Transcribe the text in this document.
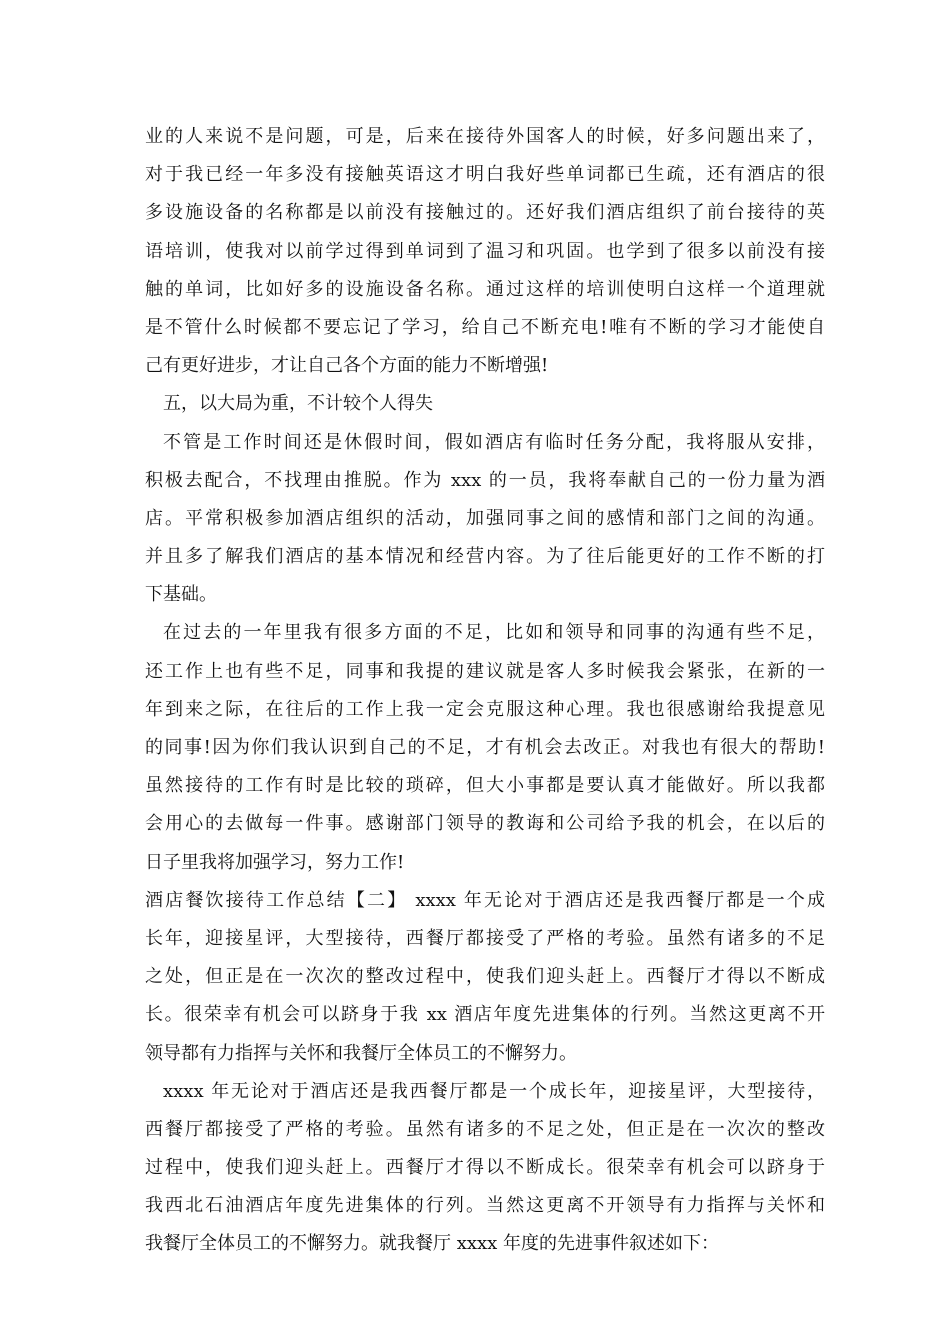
业的人来说不是问题，可是，后来在接待外国客人的时候，好多问题出来了，
对于我已经一年多没有接触英语这才明白我好些单词都已生疏，还有酒店的很
多设施设备的名称都是以前没有接触过的。还好我们酒店组织了前台接待的英
语培训，使我对以前学过得到单词到了温习和巩固。也学到了很多以前没有接
触的单词，比如好多的设施设备名称。通过这样的培训使明白这样一个道理就
是不管什么时候都不要忘记了学习，给自己不断充电!唯有不断的学习才能使自
己有更好进步，才让自己各个方面的能力不断增强!
五，以大局为重，不计较个人得失
不管是工作时间还是休假时间，假如酒店有临时任务分配，我将服从安排，
积极去配合，不找理由推脱。作为 xxx 的一员，我将奉献自己的一份力量为酒
店。平常积极参加酒店组织的活动，加强同事之间的感情和部门之间的沟通。
并且多了解我们酒店的基本情况和经营内容。为了往后能更好的工作不断的打
下基础。
在过去的一年里我有很多方面的不足，比如和领导和同事的沟通有些不足，
还工作上也有些不足，同事和我提的建议就是客人多时候我会紧张，在新的一
年到来之际，在往后的工作上我一定会克服这种心理。我也很感谢给我提意见
的同事!因为你们我认识到自己的不足，才有机会去改正。对我也有很大的帮助!
虽然接待的工作有时是比较的琐碎，但大小事都是要认真才能做好。所以我都
会用心的去做每一件事。感谢部门领导的教诲和公司给予我的机会，在以后的
日子里我将加强学习，努力工作!
酒店餐饮接待工作总结【二】 xxxx 年无论对于酒店还是我西餐厅都是一个成
长年，迎接星评，大型接待，西餐厅都接受了严格的考验。虽然有诸多的不足
之处，但正是在一次次的整改过程中，使我们迎头赶上。西餐厅才得以不断成
长。很荣幸有机会可以跻身于我 xx 酒店年度先进集体的行列。当然这更离不开
领导都有力指挥与关怀和我餐厅全体员工的不懈努力。
xxxx 年无论对于酒店还是我西餐厅都是一个成长年，迎接星评，大型接待，
西餐厅都接受了严格的考验。虽然有诸多的不足之处，但正是在一次次的整改
过程中，使我们迎头赶上。西餐厅才得以不断成长。很荣幸有机会可以跻身于
我西北石油酒店年度先进集体的行列。当然这更离不开领导有力指挥与关怀和
我餐厅全体员工的不懈努力。就我餐厅 xxxx 年度的先进事件叙述如下：
